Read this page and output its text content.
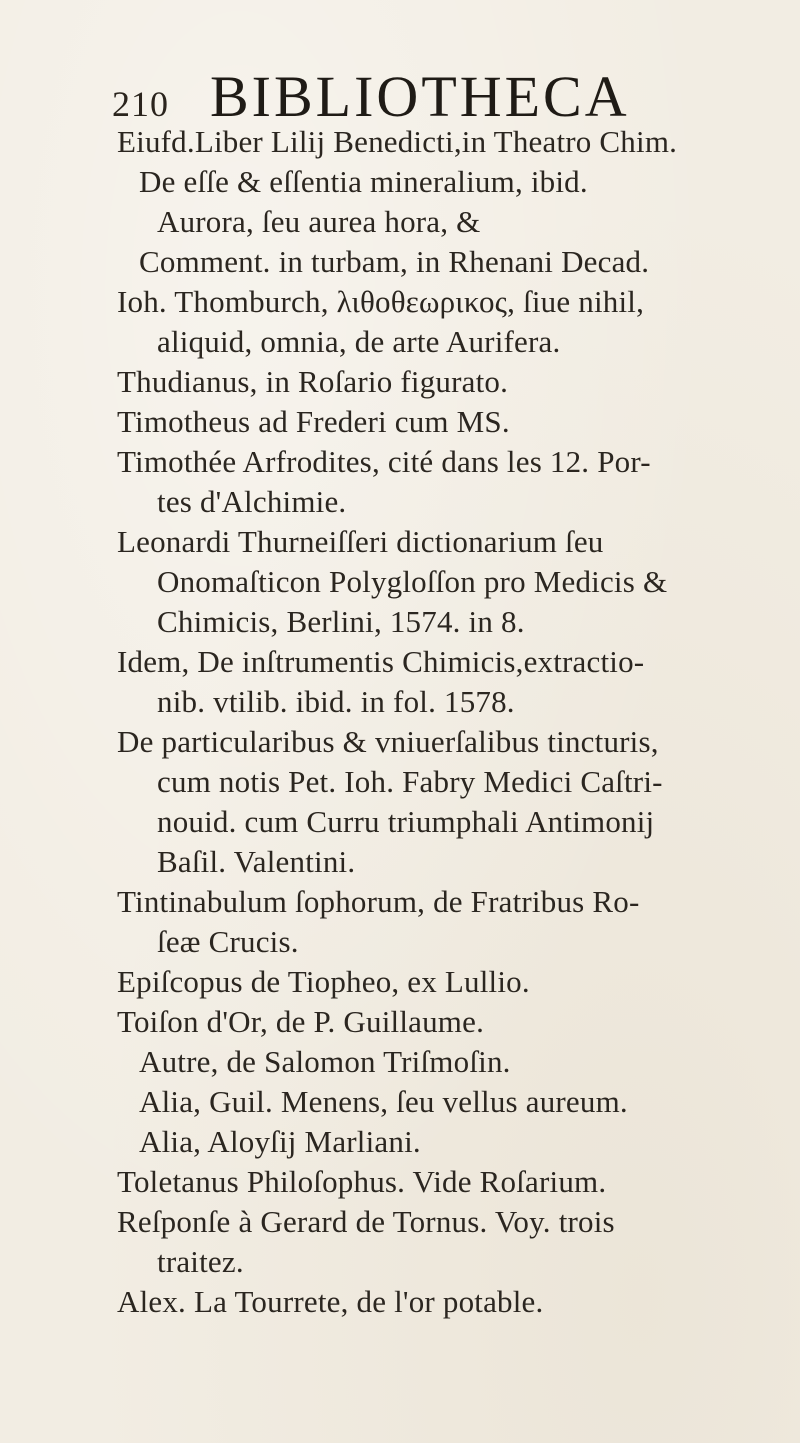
210 BIBLIOTHECA
Eiufd.Liber Lilij Benedicti,in Theatro Chim.
De eſſe & eſſentia mineralium, ibid.
Aurora, ſeu aurea hora, &
Comment. in turbam, in Rhenani Decad.
Ioh. Thomburch, λιθοθεωρικος, ſiue nihil,
aliquid, omnia, de arte Aurifera.
Thudianus, in Roſario figurato.
Timotheus ad Frederi cum MS.
Timothée Arfrodites, cité dans les 12. Por-
tes d'Alchimie.
Leonardi Thurneiſſeri dictionarium ſeu
Onomaſticon Polygloſſon pro Medicis &
Chimicis, Berlini, 1574. in 8.
Idem, De inſtrumentis Chimicis,extractio-
nib. vtilib. ibid. in fol. 1578.
De particularibus & vniuerſalibus tincturis,
cum notis Pet. Ioh. Fabry Medici Caſtri-
nouid. cum Curru triumphali Antimonij
Baſil. Valentini.
Tintinabulum ſophorum, de Fratribus Ro-
ſeæ Crucis.
Epiſcopus de Tiopheo, ex Lullio.
Toiſon d'Or, de P. Guillaume.
Autre, de Salomon Triſmoſin.
Alia, Guil. Menens, ſeu vellus aureum.
Alia, Aloyſij Marliani.
Toletanus Philoſophus. Vide Roſarium.
Reſponſe à Gerard de Tornus. Voy. trois
traitez.
Alex. La Tourrete, de l'or potable.
